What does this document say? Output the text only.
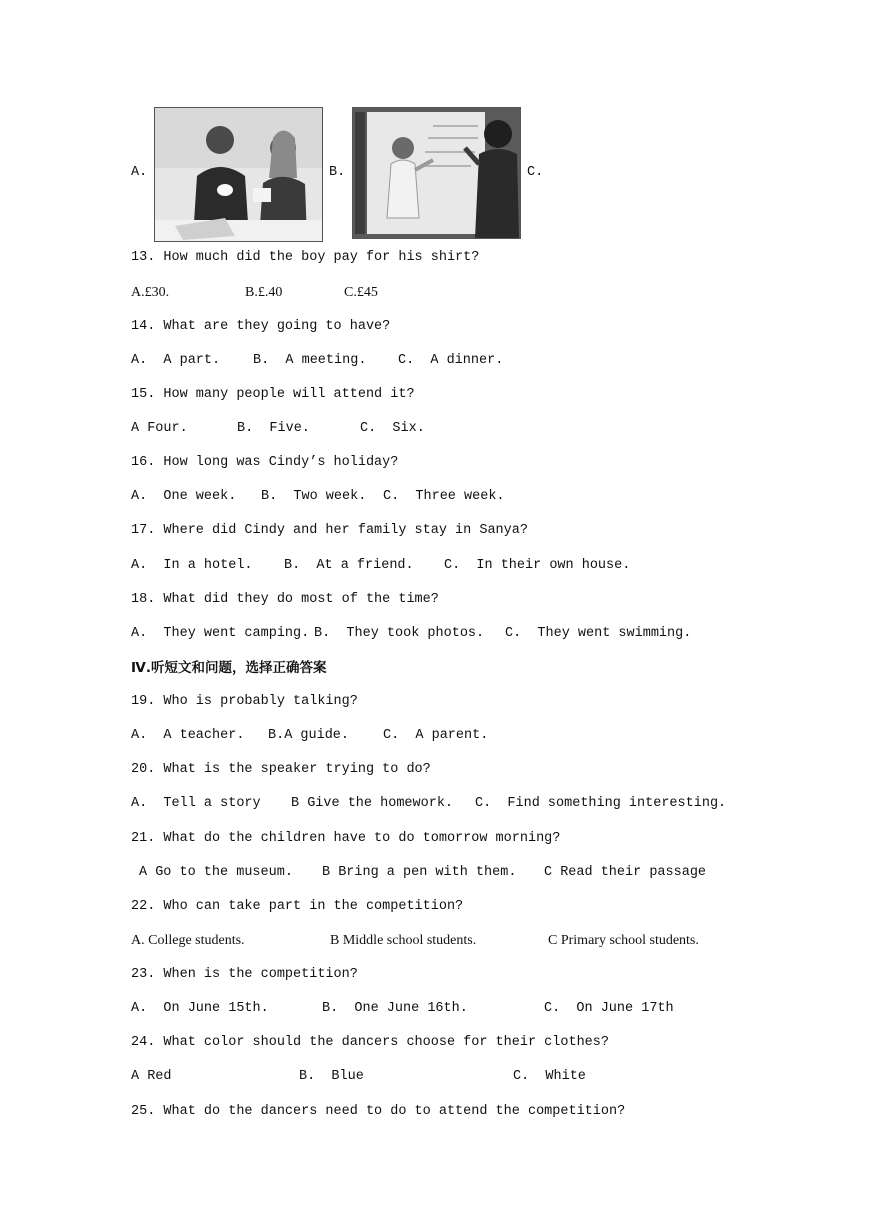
A.	B.	C.
13. How much did the boy pay for his shirt?
A.£30.	B.£.40	C.£45
14. What are they going to have?
A.  A part. B.  A meeting. C.  A dinner.
15. How many people will attend it?
A Four.	B.  Five.	C.  Six.
16. How long was Cindy’s holiday?
A.  One week. B.  Two week. C.  Three week.
17. Where did Cindy and her family stay in Sanya?
A.  In a hotel. B.  At a friend. C.  In their own house.
18. What did they do most of the time?
A.  They went camping. B.  They took photos. C.  They went swimming.
Ⅳ.听短文和问题，选择正确答案
19. Who is probably talking?
A.  A teacher. B.A guide.	C.  A parent.
20. What is the speaker trying to do?
A.  Tell a story B Give the homework. C.  Find something interesting.
21. What do the children have to do tomorrow morning?
A Go to the museum. B Bring a pen with them. C Read their passage
22. Who can take part in the competition?
A. College students.	B Middle school students.	C Primary school students.
23. When is the competition?
A.  On June 15th.	B.  One June 16th.	C.  On June 17th
24. What color should the dancers choose for their clothes?
A Red	B.  Blue	C.  White
25. What do the dancers need to do to attend the competition?
